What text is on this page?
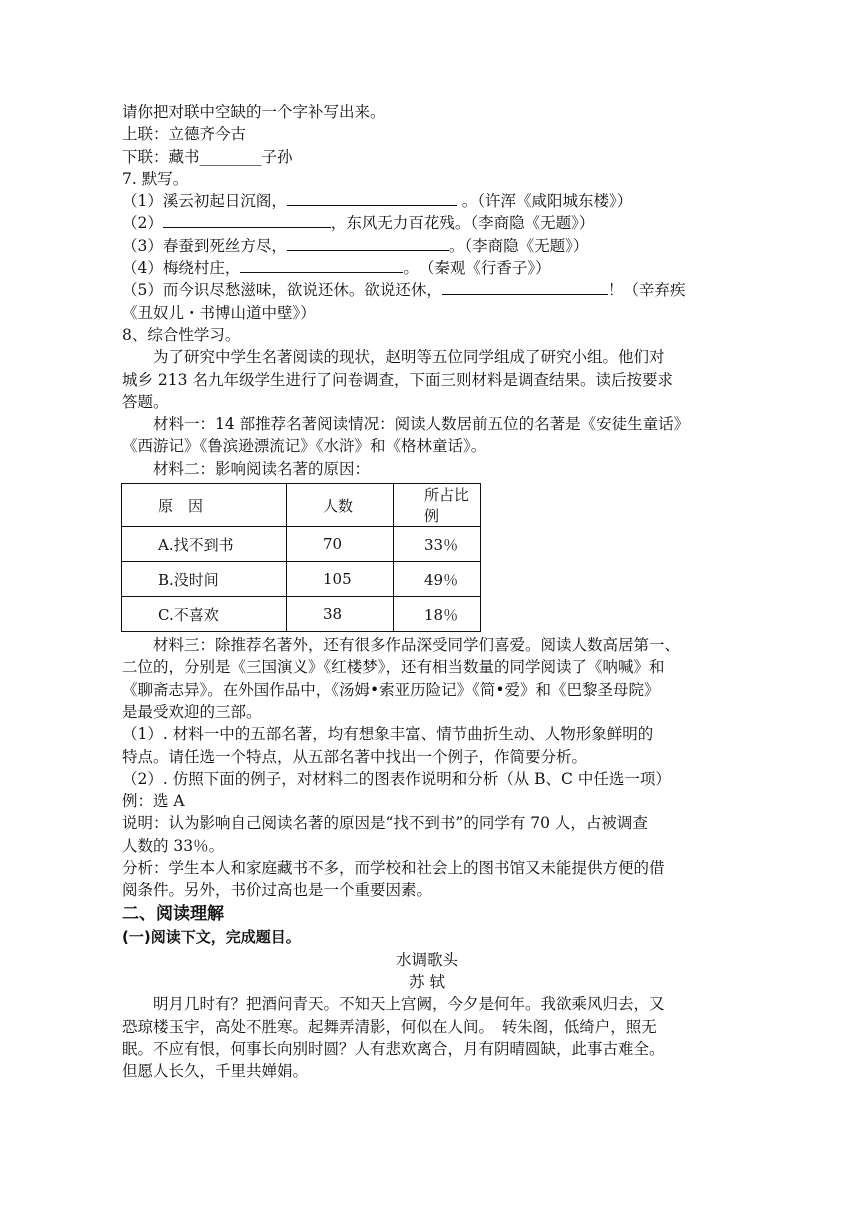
请你把对联中空缺的一个字补写出来。
上联：立德齐今古
下联：藏书________子孙
7. 默写。
（1）溪云初起日沉阁，	。（许浑《咸阳城东楼》）
（2）	，东风无力百花残。（李商隐《无题》）
（3）春蚕到死丝方尽，	。（李商隐《无题》）
（4）梅绕村庄，	。　（秦观《行香子》）
（5）而今识尽愁滋味，欲说还休。欲说还休，	！（辛弃疾
《丑奴儿・书博山道中壁》）
8、综合性学习。
为了研究中学生名著阅读的现状，赵明等五位同学组成了研究小组。他们对
城乡 213 名九年级学生进行了问卷调查，下面三则材料是调查结果。读后按要求
答题。
材料一：14 部推荐名著阅读情况：阅读人数居前五位的名著是《安徒生童话》
《西游记》《鲁滨逊漂流记》《水浒》和《格林童话》。
材料二：影响阅读名著的原因：
原　因	人数	所占比例
A.找不到书	70	33％
B.没时间	105	49％
C.不喜欢	38	18％
材料三：除推荐名著外，还有很多作品深受同学们喜爱。阅读人数高居第一、
二位的，分别是《三国演义》《红楼梦》，还有相当数量的同学阅读了《呐喊》和
《聊斋志异》。在外国作品中，《汤姆•索亚历险记》《简•爱》和《巴黎圣母院》
是最受欢迎的三部。
（1）. 材料一中的五部名著，均有想象丰富、情节曲折生动、人物形象鲜明的
特点。请任选一个特点，从五部名著中找出一个例子，作简要分析。
（2）. 仿照下面的例子，对材料二的图表作说明和分析（从 B、C 中任选一项）
例：选 A
说明：认为影响自己阅读名著的原因是“找不到书”的同学有 70 人，占被调查
人数的 33％。
分析：学生本人和家庭藏书不多，而学校和社会上的图书馆又未能提供方便的借
阅条件。另外，书价过高也是一个重要因素。
二、阅读理解
(一)阅读下文，完成题目。
水调歌头
苏 轼
明月几时有？把酒问青天。不知天上宫阙，今夕是何年。我欲乘风归去，又
恐琼楼玉宇，高处不胜寒。起舞弄清影，何似在人间。　转朱阁，低绮户，照无
眠。不应有恨，何事长向别时圆？人有悲欢离合，月有阴晴圆缺，此事古难全。
但愿人长久，千里共婵娟。
